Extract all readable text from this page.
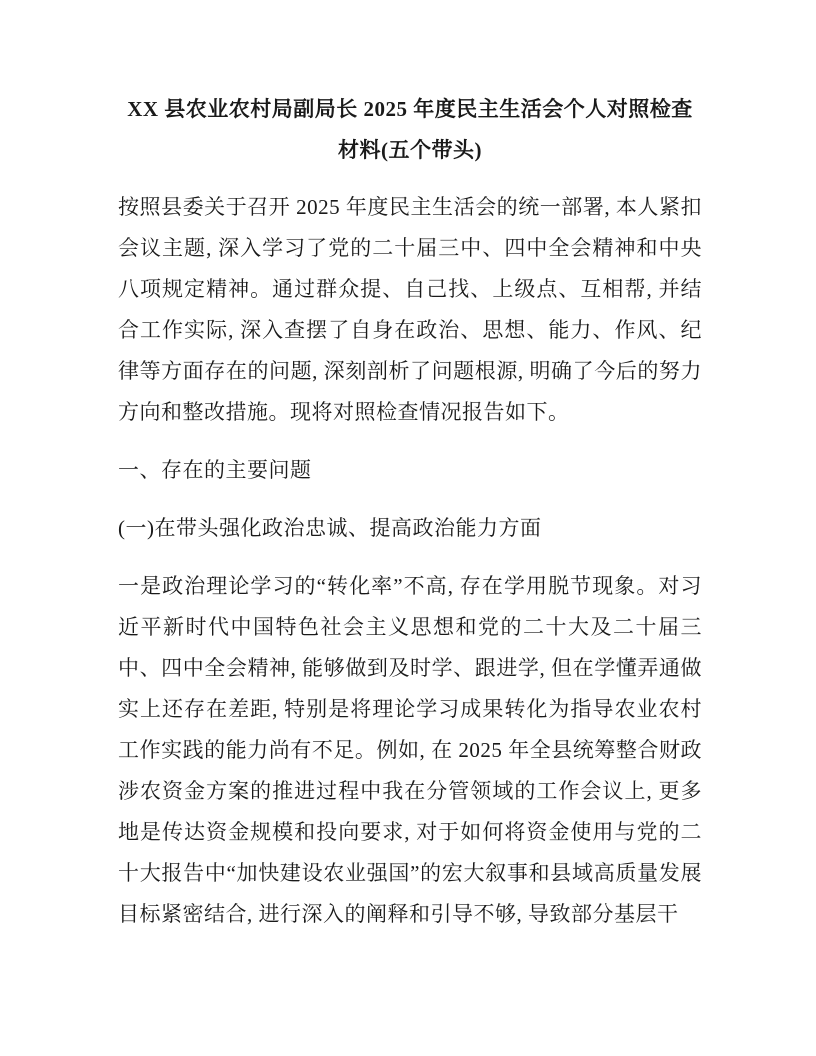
XX 县农业农村局副局长 2025 年度民主生活会个人对照检查材料(五个带头)

按照县委关于召开 2025 年度民主生活会的统一部署, 本人紧扣会议主题, 深入学习了党的二十届三中、四中全会精神和中央八项规定精神。通过群众提、自己找、上级点、互相帮, 并结合工作实际, 深入查摆了自身在政治、思想、能力、作风、纪律等方面存在的问题, 深刻剖析了问题根源, 明确了今后的努力方向和整改措施。现将对照检查情况报告如下。

一、存在的主要问题
(一)在带头强化政治忠诚、提高政治能力方面

一是政治理论学习的“转化率”不高, 存在学用脱节现象。对习近平新时代中国特色社会主义思想和党的二十大及二十届三中、四中全会精神, 能够做到及时学、跟进学, 但在学懂弄通做实上还存在差距, 特别是将理论学习成果转化为指导农业农村工作实践的能力尚有不足。例如, 在 2025 年全县统筹整合财政涉农资金方案的推进过程中我在分管领域的工作会议上, 更多地是传达资金规模和投向要求, 对于如何将资金使用与党的二十大报告中“加快建设农业强国”的宏大叙事和县域高质量发展目标紧密结合, 进行深入的阐释和引导不够, 导致部分基层干
